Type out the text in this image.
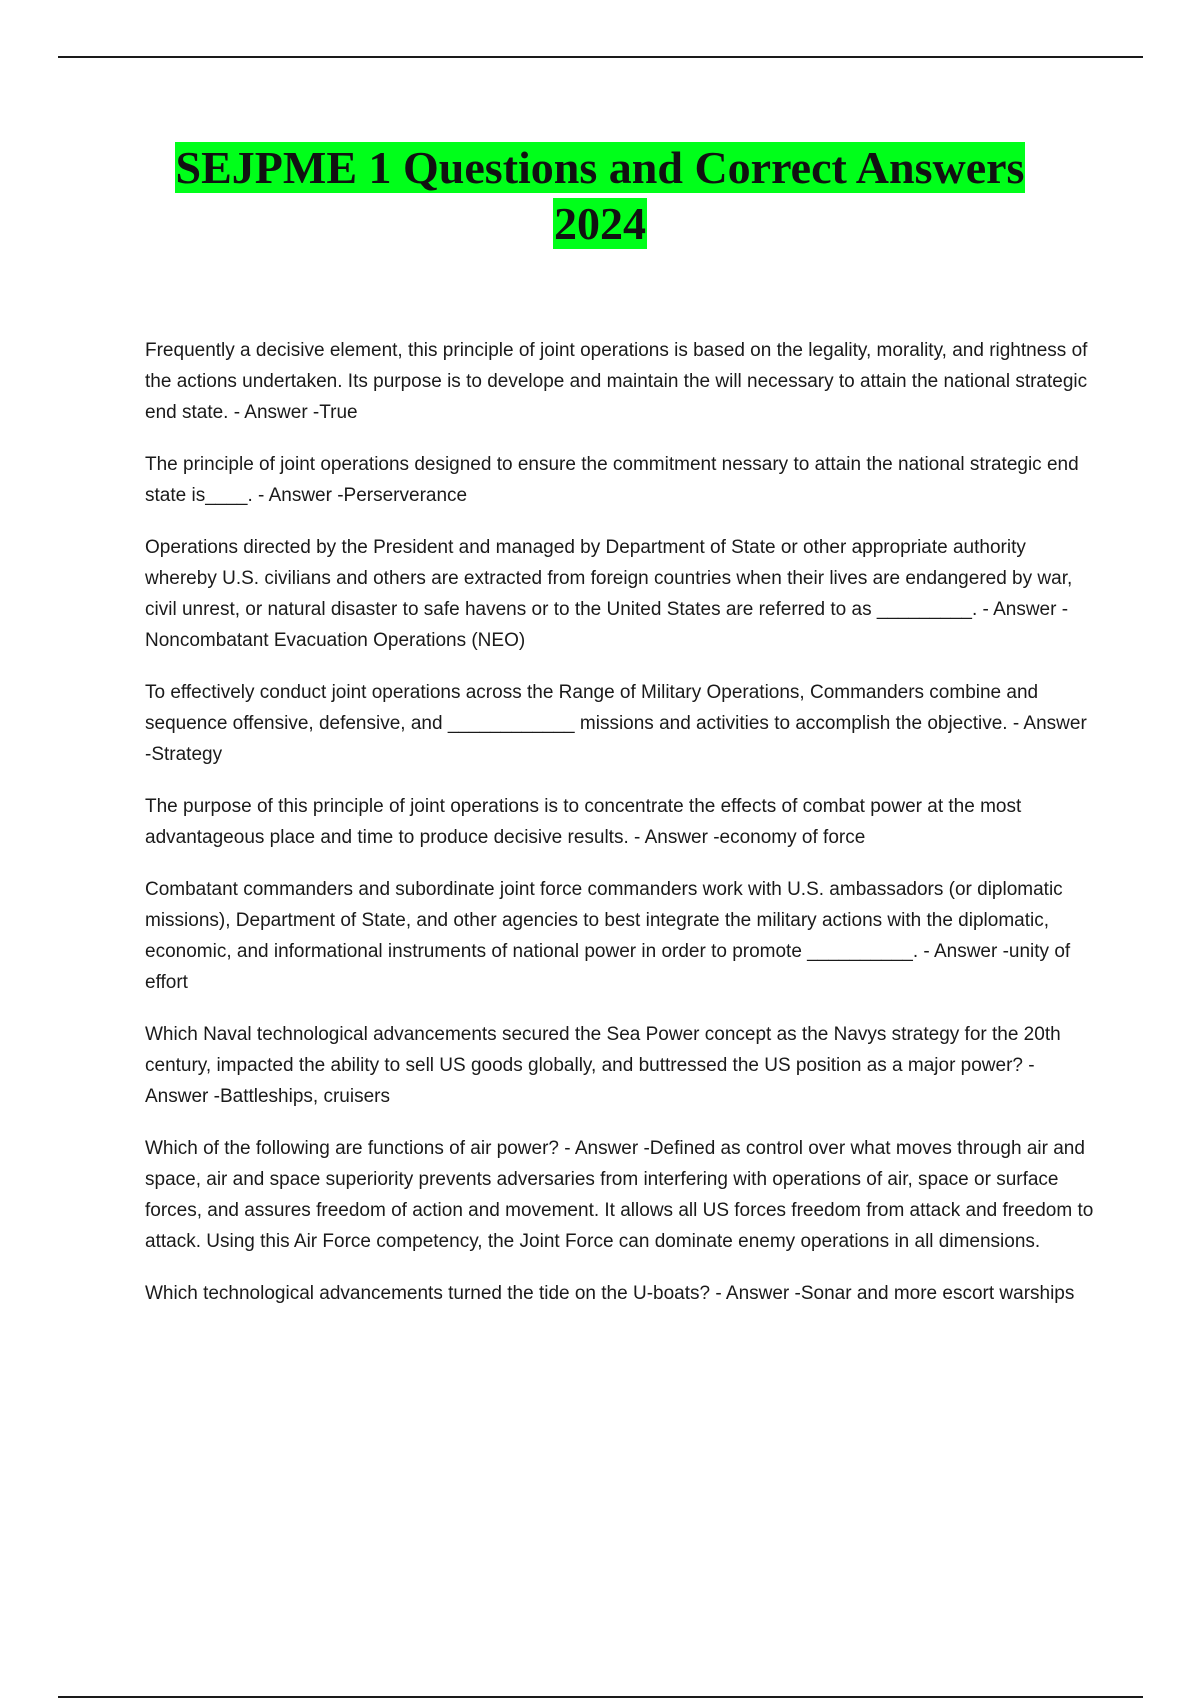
SEJPME 1 Questions and Correct Answers
2024

Frequently a decisive element, this principle of joint operations is based on the legality, morality, and rightness of the actions undertaken. Its purpose is to develope and maintain the will necessary to attain the national strategic end state. - Answer -True

The principle of joint operations designed to ensure the commitment nessary to attain the national strategic end state is____. - Answer -Perserverance

Operations directed by the President and managed by Department of State or other appropriate authority whereby U.S. civilians and others are extracted from foreign countries when their lives are endangered by war, civil unrest, or natural disaster to safe havens or to the United States are referred to as _________. - Answer -Noncombatant Evacuation Operations (NEO)

To effectively conduct joint operations across the Range of Military Operations, Commanders combine and sequence offensive, defensive, and ____________ missions and activities to accomplish the objective. - Answer -Strategy

The purpose of this principle of joint operations is to concentrate the effects of combat power at the most advantageous place and time to produce decisive results. - Answer -economy of force

Combatant commanders and subordinate joint force commanders work with U.S. ambassadors (or diplomatic missions), Department of State, and other agencies to best integrate the military actions with the diplomatic, economic, and informational instruments of national power in order to promote __________. - Answer -unity of effort

Which Naval technological advancements secured the Sea Power concept as the Navys strategy for the 20th century, impacted the ability to sell US goods globally, and buttressed the US position as a major power? - Answer -Battleships, cruisers

Which of the following are functions of air power? - Answer -Defined as control over what moves through air and space, air and space superiority prevents adversaries from interfering with operations of air, space or surface forces, and assures freedom of action and movement. It allows all US forces freedom from attack and freedom to attack. Using this Air Force competency, the Joint Force can dominate enemy operations in all dimensions.

Which technological advancements turned the tide on the U-boats? - Answer -Sonar and more escort warships
